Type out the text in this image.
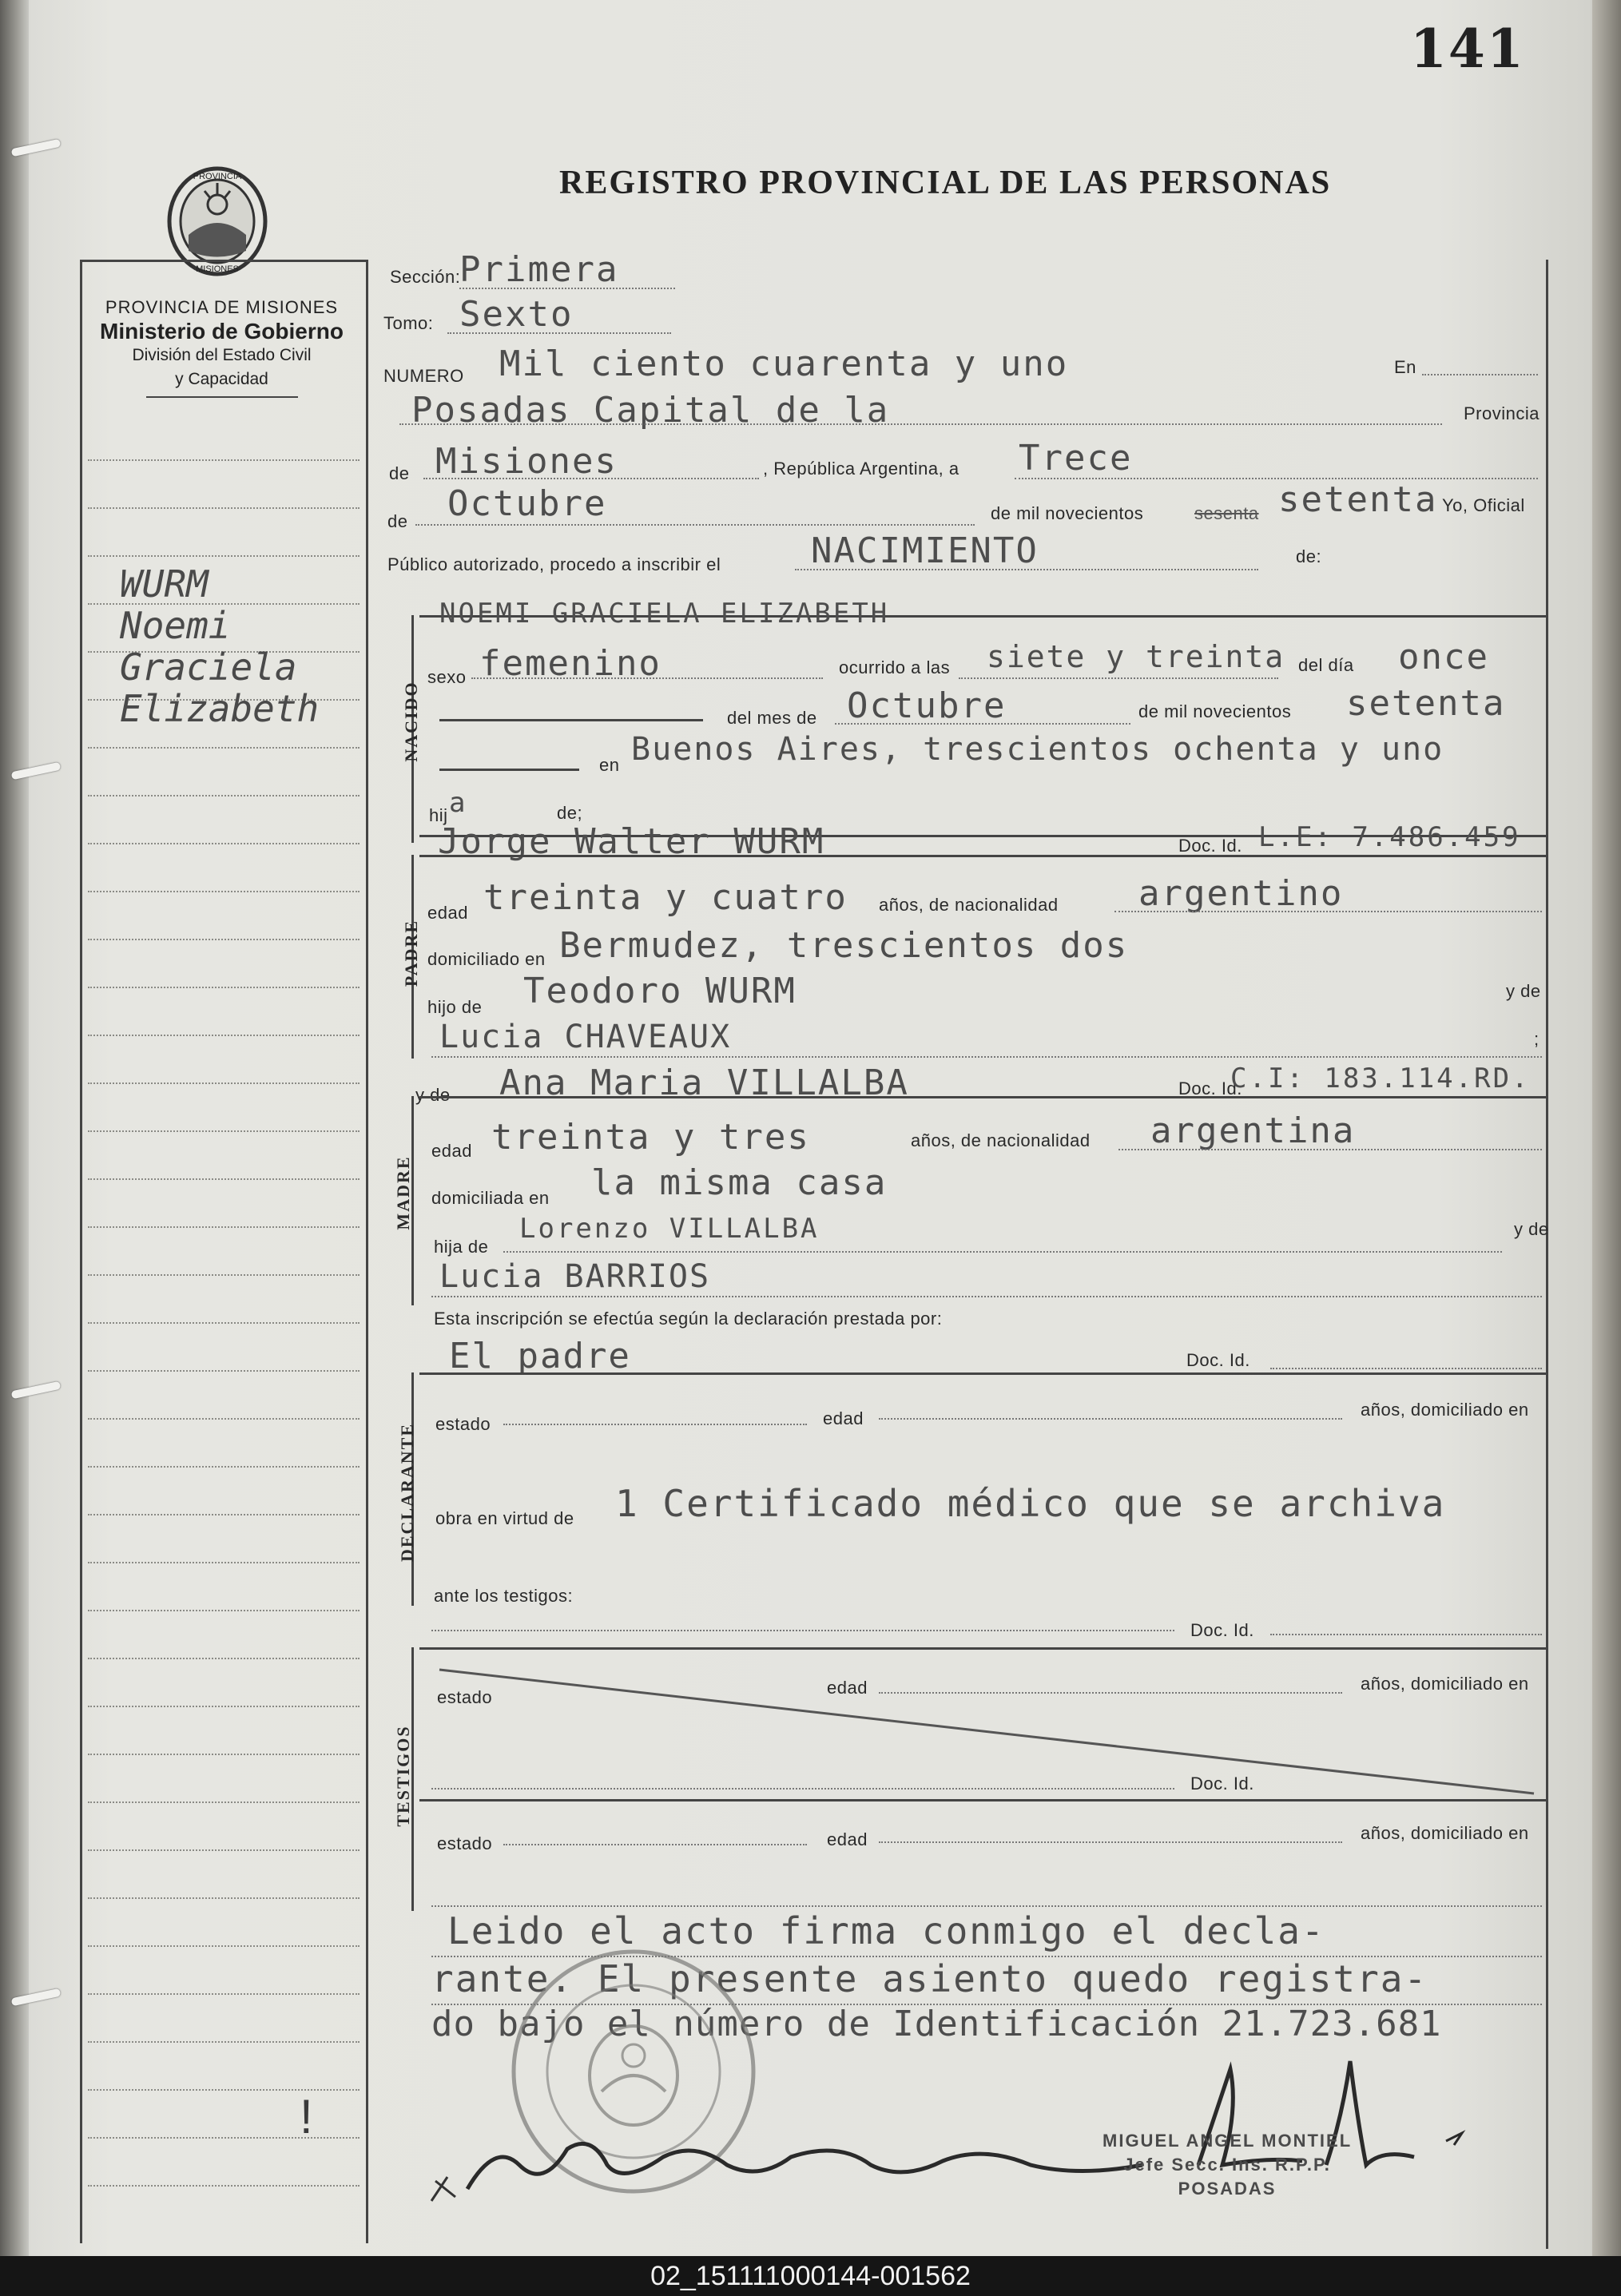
141
REGISTRO PROVINCIAL DE LAS PERSONAS
PROVINCIA
MISIONES
PROVINCIA DE MISIONES
Ministerio de Gobierno
División del Estado Civil
y Capacidad
WURM
Noemi
Graciela
Elizabeth
ǃ
Sección:
Primera
Tomo: Sexto
NUMERO Mil ciento cuarenta y uno	En
Posadas Capital de la	Provincia
de Misiones	, República Argentina, a Trece
de Octubre	de mil novecientos	sesenta setenta Yo, Oficial
Público autorizado, procedo a inscribir el	NACIMIENTO	de:
NACIDO
NOEMI GRACIELA ELIZABETH
sexo femenino	ocurrido a las siete y treinta del día once
del mes de Octubre	de mil novecientos setenta
en Buenos Aires, trescientos ochenta y uno
hij a	de;
Jorge Walter WURM	Doc. Id. L.E: 7.486.459
PADRE
edad treinta y cuatro años, de nacionalidad argentino
domiciliado en Bermudez, trescientos dos
hijo de Teodoro WURM	y de
Lucia CHAVEAUX	;
y de Ana Maria VILLALBA	Doc. Id.
C.I: 183.114.RD.
MADRE
edad treinta y tres	años, de nacionalidad argentina
domiciliada en la misma casa
hija de
Lorenzo VILLALBA	y de
Lucia BARRIOS
Esta inscripción se efectúa según la declaración prestada por:
El padre	Doc. Id.
DECLARANTE estado	edad	años, domiciliado en
obra en virtud de 1 Certificado médico que se archiva
ante los testigos:
Doc. Id.
TESTIGOS
estado	edad	años, domiciliado en
Doc. Id.
estado	edad	años, domiciliado en
Leido el acto firma conmigo el decla-
rante. El presente asiento quedo registra-
do bajo el número de Identificación 21.723.681
MIGUEL ANGEL MONTIEL
Jefe Secc. Ins. R.P.P.
POSADAS
02_151111000144-001562
